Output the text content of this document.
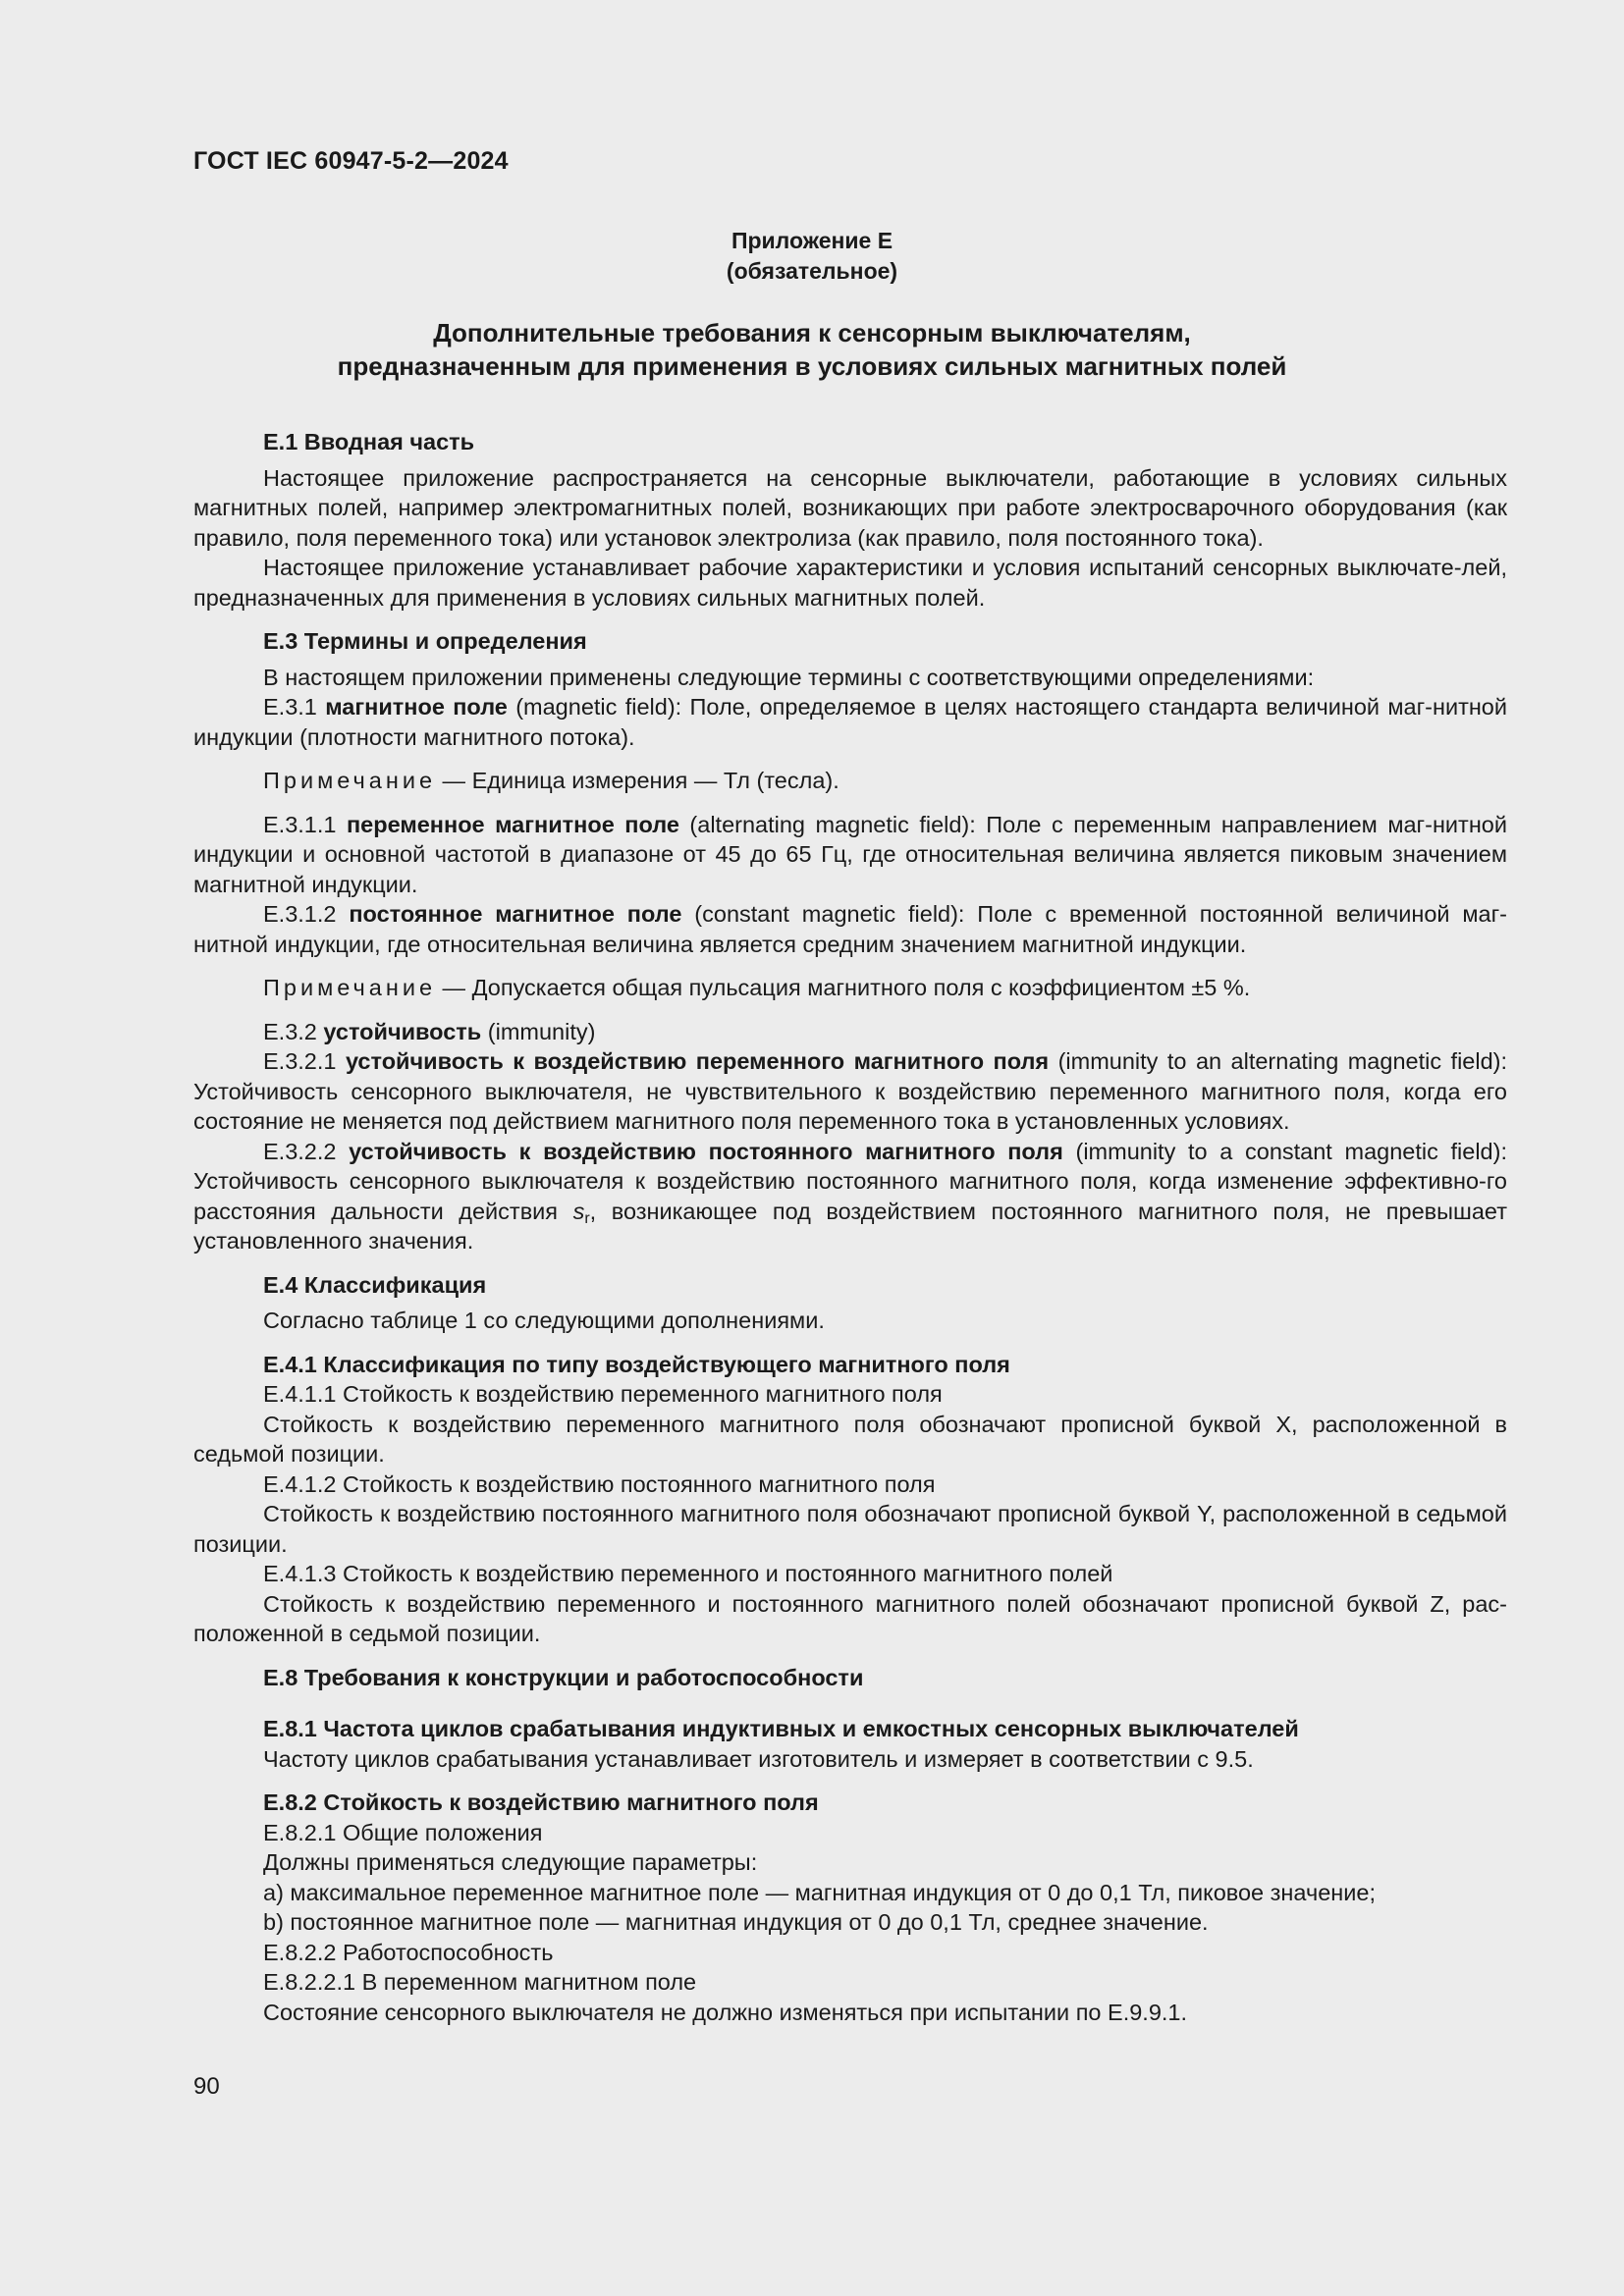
ГОСТ IEC 60947-5-2—2024
Приложение Е
(обязательное)
Дополнительные требования к сенсорным выключателям,
предназначенным для применения в условиях сильных магнитных полей

Е.1 Вводная часть

Настоящее приложение распространяется на сенсорные выключатели, работающие в условиях сильных магнитных полей, например электромагнитных полей, возникающих при работе электросварочного оборудования (как правило, поля переменного тока) или установок электролиза (как правило, поля постоянного тока).

Настоящее приложение устанавливает рабочие характеристики и условия испытаний сенсорных выключате-лей, предназначенных для применения в условиях сильных магнитных полей.

Е.3 Термины и определения

В настоящем приложении применены следующие термины с соответствующими определениями:

Е.3.1 магнитное поле (magnetic field): Поле, определяемое в целях настоящего стандарта величиной маг-нитной индукции (плотности магнитного потока).

Примечание — Единица измерения — Тл (тесла).

Е.3.1.1 переменное магнитное поле (alternating magnetic field): Поле с переменным направлением маг-нитной индукции и основной частотой в диапазоне от 45 до 65 Гц, где относительная величина является пиковым значением магнитной индукции.

Е.3.1.2 постоянное магнитное поле (constant magnetic field): Поле с временной постоянной величиной маг-нитной индукции, где относительная величина является средним значением магнитной индукции.

Примечание — Допускается общая пульсация магнитного поля с коэффициентом ±5 %.

Е.3.2 устойчивость (immunity)

Е.3.2.1 устойчивость к воздействию переменного магнитного поля (immunity to an alternating magnetic field): Устойчивость сенсорного выключателя, не чувствительного к воздействию переменного магнитного поля, когда его состояние не меняется под действием магнитного поля переменного тока в установленных условиях.

Е.3.2.2 устойчивость к воздействию постоянного магнитного поля (immunity to a constant magnetic field): Устойчивость сенсорного выключателя к воздействию постоянного магнитного поля, когда изменение эффективно-го расстояния дальности действия $s_r$, возникающее под воздействием постоянного магнитного поля, не превышает установленного значения.

Е.4 Классификация

Согласно таблице 1 со следующими дополнениями.

Е.4.1 Классификация по типу воздействующего магнитного поля

Е.4.1.1 Стойкость к воздействию переменного магнитного поля

Стойкость к воздействию переменного магнитного поля обозначают прописной буквой X, расположенной в седьмой позиции.

Е.4.1.2 Стойкость к воздействию постоянного магнитного поля

Стойкость к воздействию постоянного магнитного поля обозначают прописной буквой Y, расположенной в седьмой позиции.

Е.4.1.3 Стойкость к воздействию переменного и постоянного магнитного полей

Стойкость к воздействию переменного и постоянного магнитного полей обозначают прописной буквой Z, рас-положенной в седьмой позиции.

Е.8 Требования к конструкции и работоспособности

Е.8.1 Частота циклов срабатывания индуктивных и емкостных сенсорных выключателей

Частоту циклов срабатывания устанавливает изготовитель и измеряет в соответствии с 9.5.

Е.8.2 Стойкость к воздействию магнитного поля

Е.8.2.1 Общие положения

Должны применяться следующие параметры:

a) максимальное переменное магнитное поле — магнитная индукция от 0 до 0,1 Тл, пиковое значение;

b) постоянное магнитное поле — магнитная индукция от 0 до 0,1 Тл, среднее значение.

Е.8.2.2 Работоспособность

Е.8.2.2.1 В переменном магнитном поле

Состояние сенсорного выключателя не должно изменяться при испытании по Е.9.9.1.

90
